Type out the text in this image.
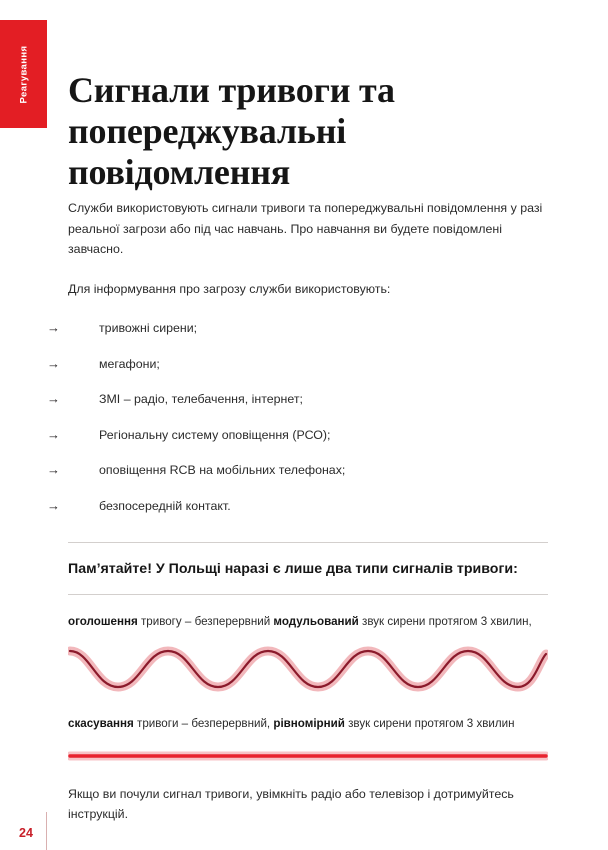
Реагування Сигнали тривоги та попереджувальні повідомлення

Служби використовують сигнали тривоги та попереджувальні повідомлення у разі реальної загрози або під час навчань. Про навчання ви будете повідомлені завчасно.

Для інформування про загрозу служби використовують:

→	тривожні сирени;
→	мегафони;
→	ЗМІ – радіо, телебачення, інтернет;
→	Регіональну систему оповіщення (РСО);
→	оповіщення RCB на мобільних телефонах;
→	безпосередній контакт.
Пам’ятайте! У Польщі наразі є лише два типи сигналів тривоги:

оголошення тривогу – безперервний модульований звук сирени протягом 3 хвилин,

скасування тривоги – безперервний, рівномірний звук сирени протягом 3 хвилин

Якщо ви почули сигнал тривоги, увімкніть радіо або телевізор і дотримуйтесь інструкцій.

24
